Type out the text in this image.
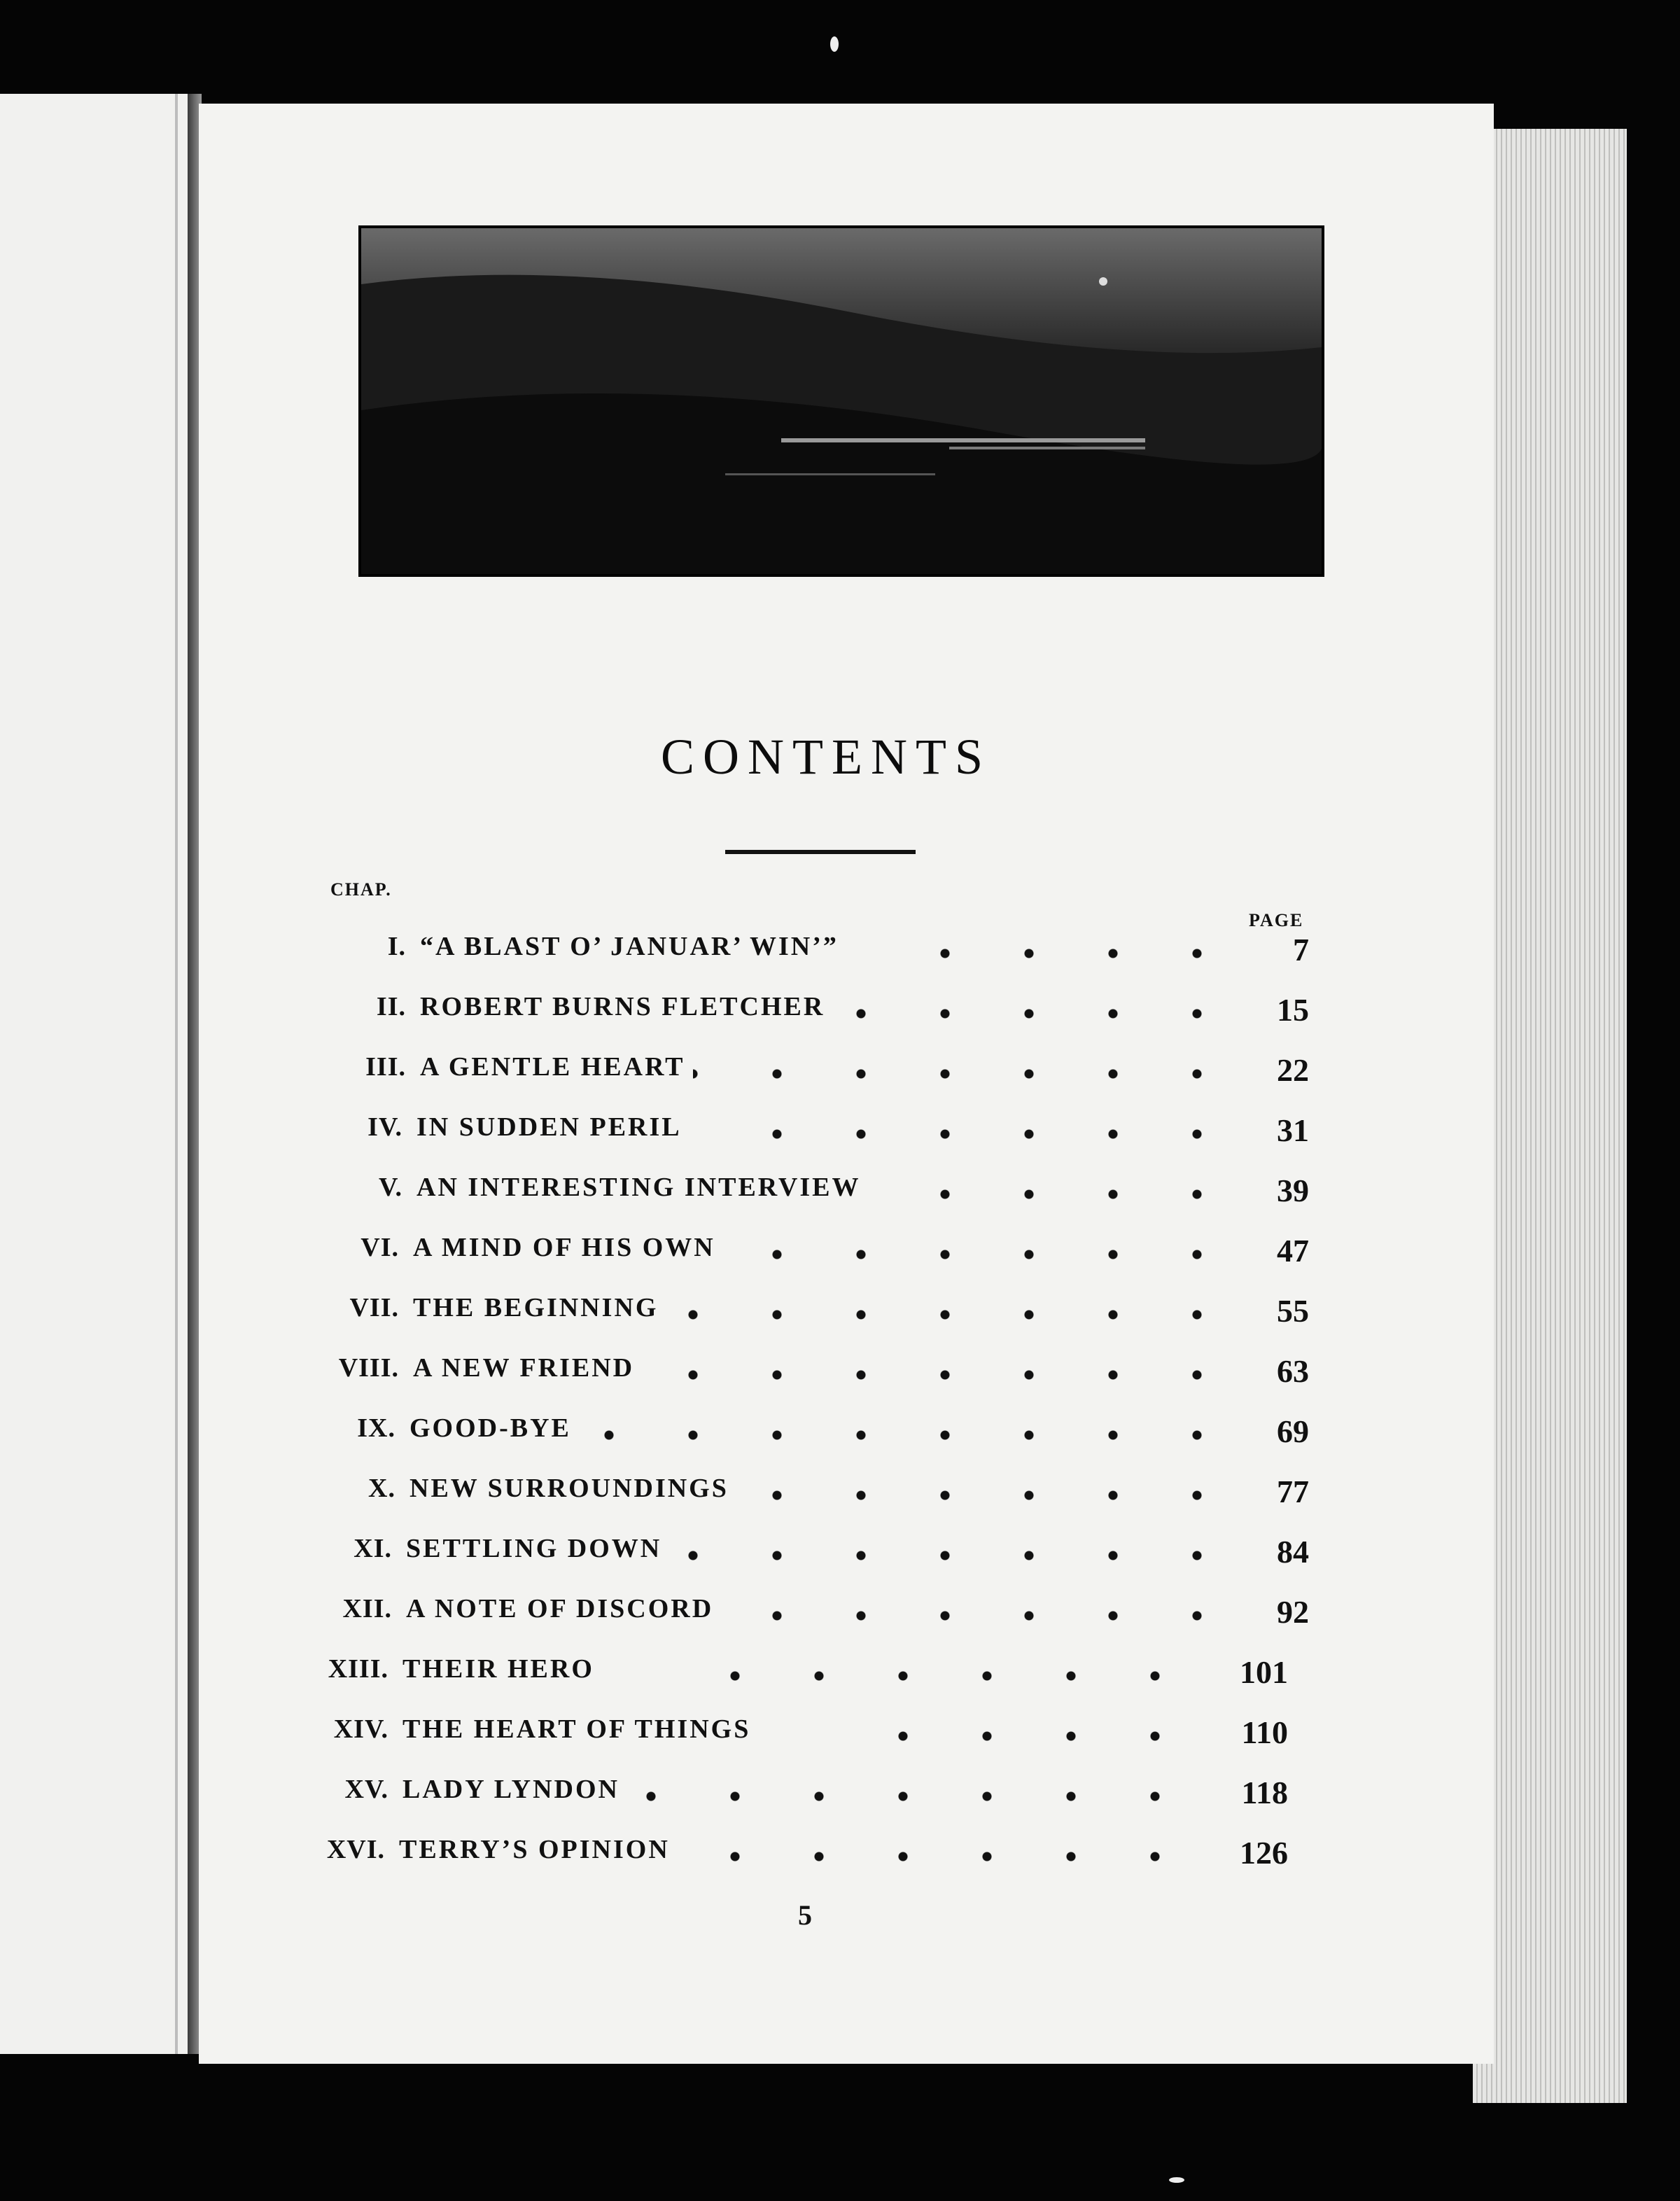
CONTENTS
CHAP.
PAGE
I. “A BLAST O’ JANUAR’ WIN’”	7
II. ROBERT BURNS FLETCHER	15
III. A GENTLE HEART	22
IV. IN SUDDEN PERIL	31
V. AN INTERESTING INTERVIEW	39
VI. A MIND OF HIS OWN	47
VII. THE BEGINNING	55
VIII. A NEW FRIEND	63
IX. GOOD-BYE	69
X. NEW SURROUNDINGS	77
XI. SETTLING DOWN	84
XII. A NOTE OF DISCORD	92
XIII. THEIR HERO	101
XIV. THE HEART OF THINGS	110
XV. LADY LYNDON	118
XVI. TERRY’S OPINION	126
5
